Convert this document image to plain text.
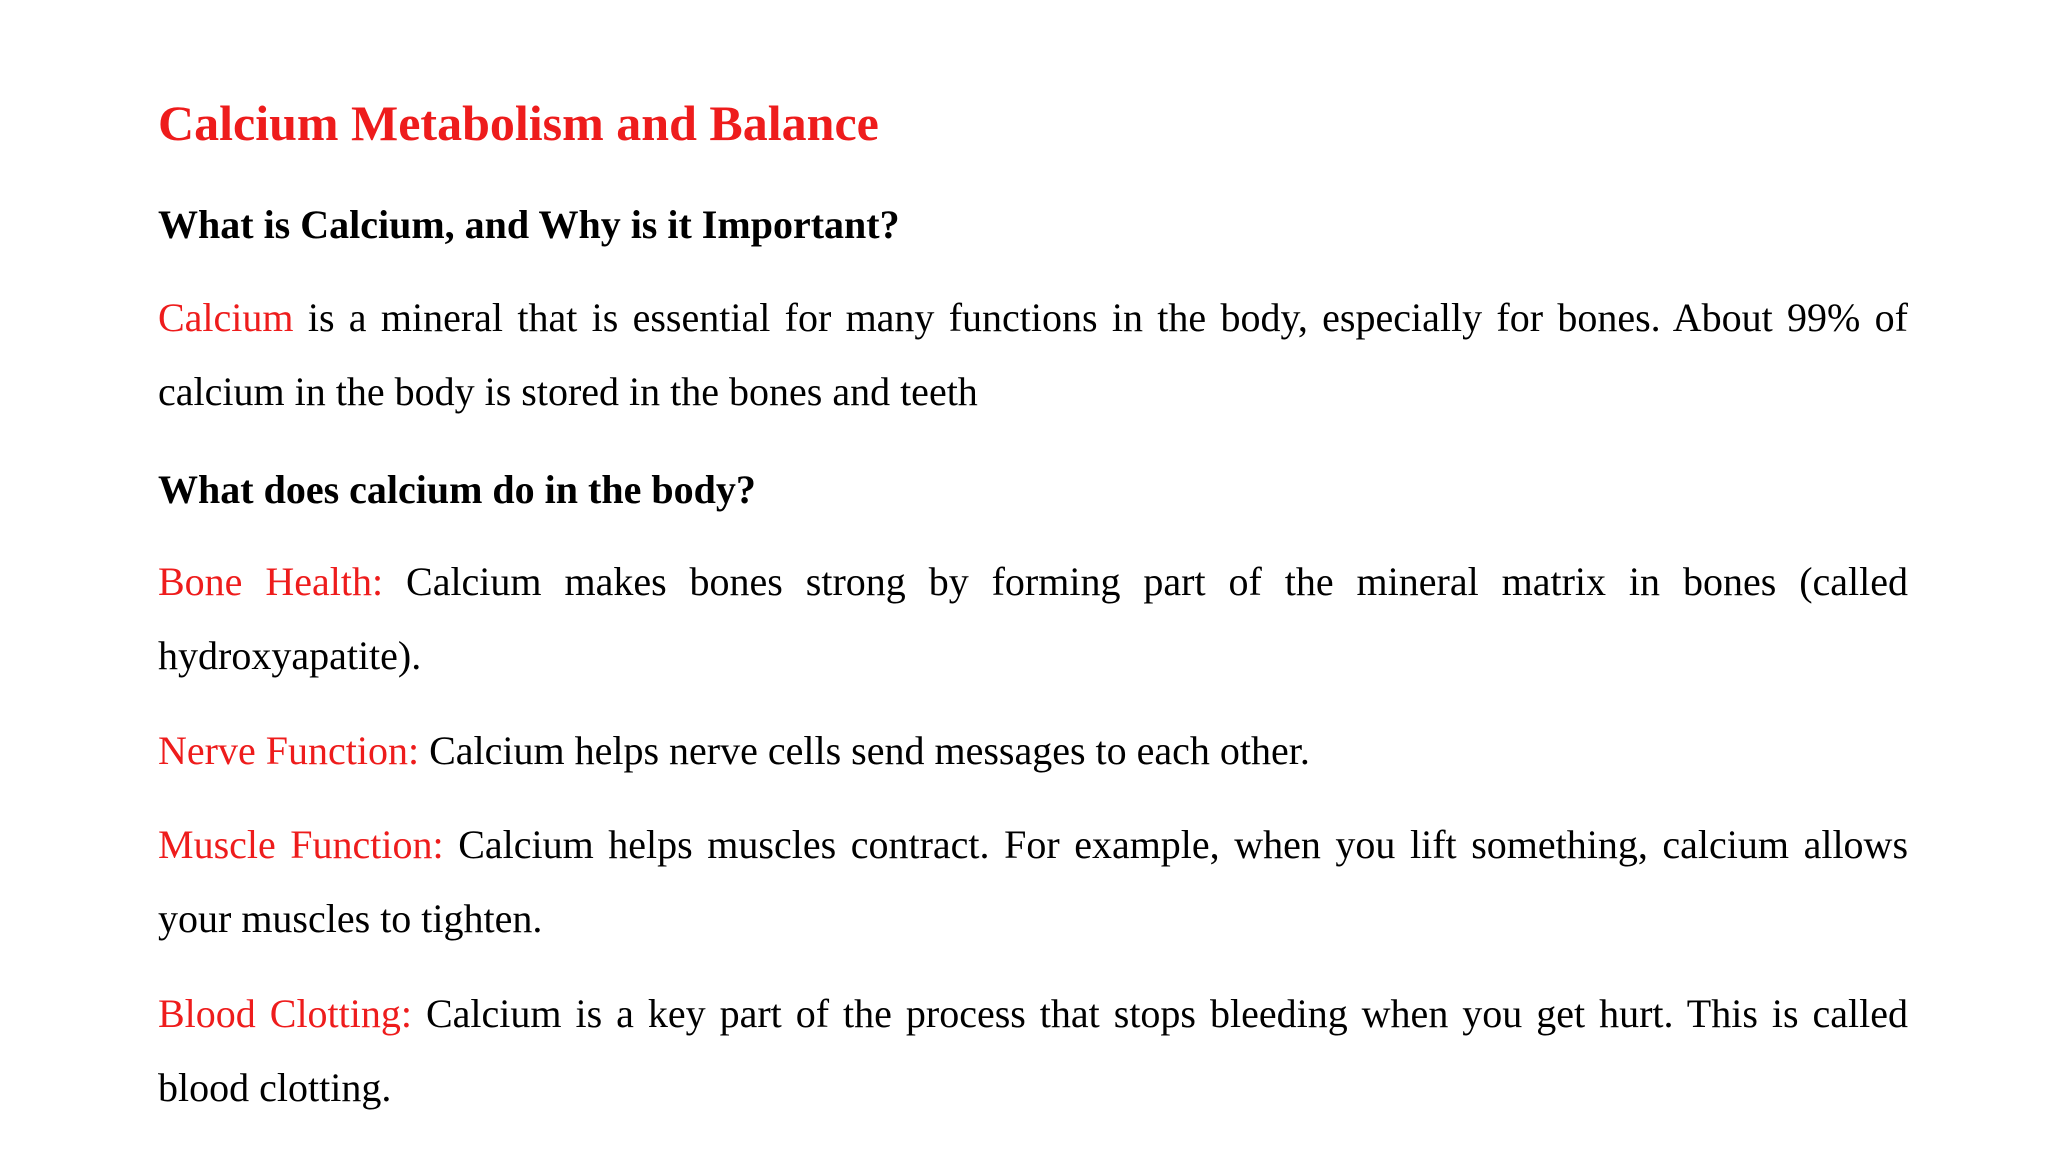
Calcium Metabolism and Balance
What is Calcium, and Why is it Important?

Calcium is a mineral that is essential for many functions in the body, especially for bones. About 99% of calcium in the body is stored in the bones and teeth

What does calcium do in the body?

Bone Health: Calcium makes bones strong by forming part of the mineral matrix in bones (called hydroxyapatite).

Nerve Function: Calcium helps nerve cells send messages to each other.

Muscle Function: Calcium helps muscles contract. For example, when you lift something, calcium allows your muscles to tighten.

Blood Clotting: Calcium is a key part of the process that stops bleeding when you get hurt. This is called blood clotting.
